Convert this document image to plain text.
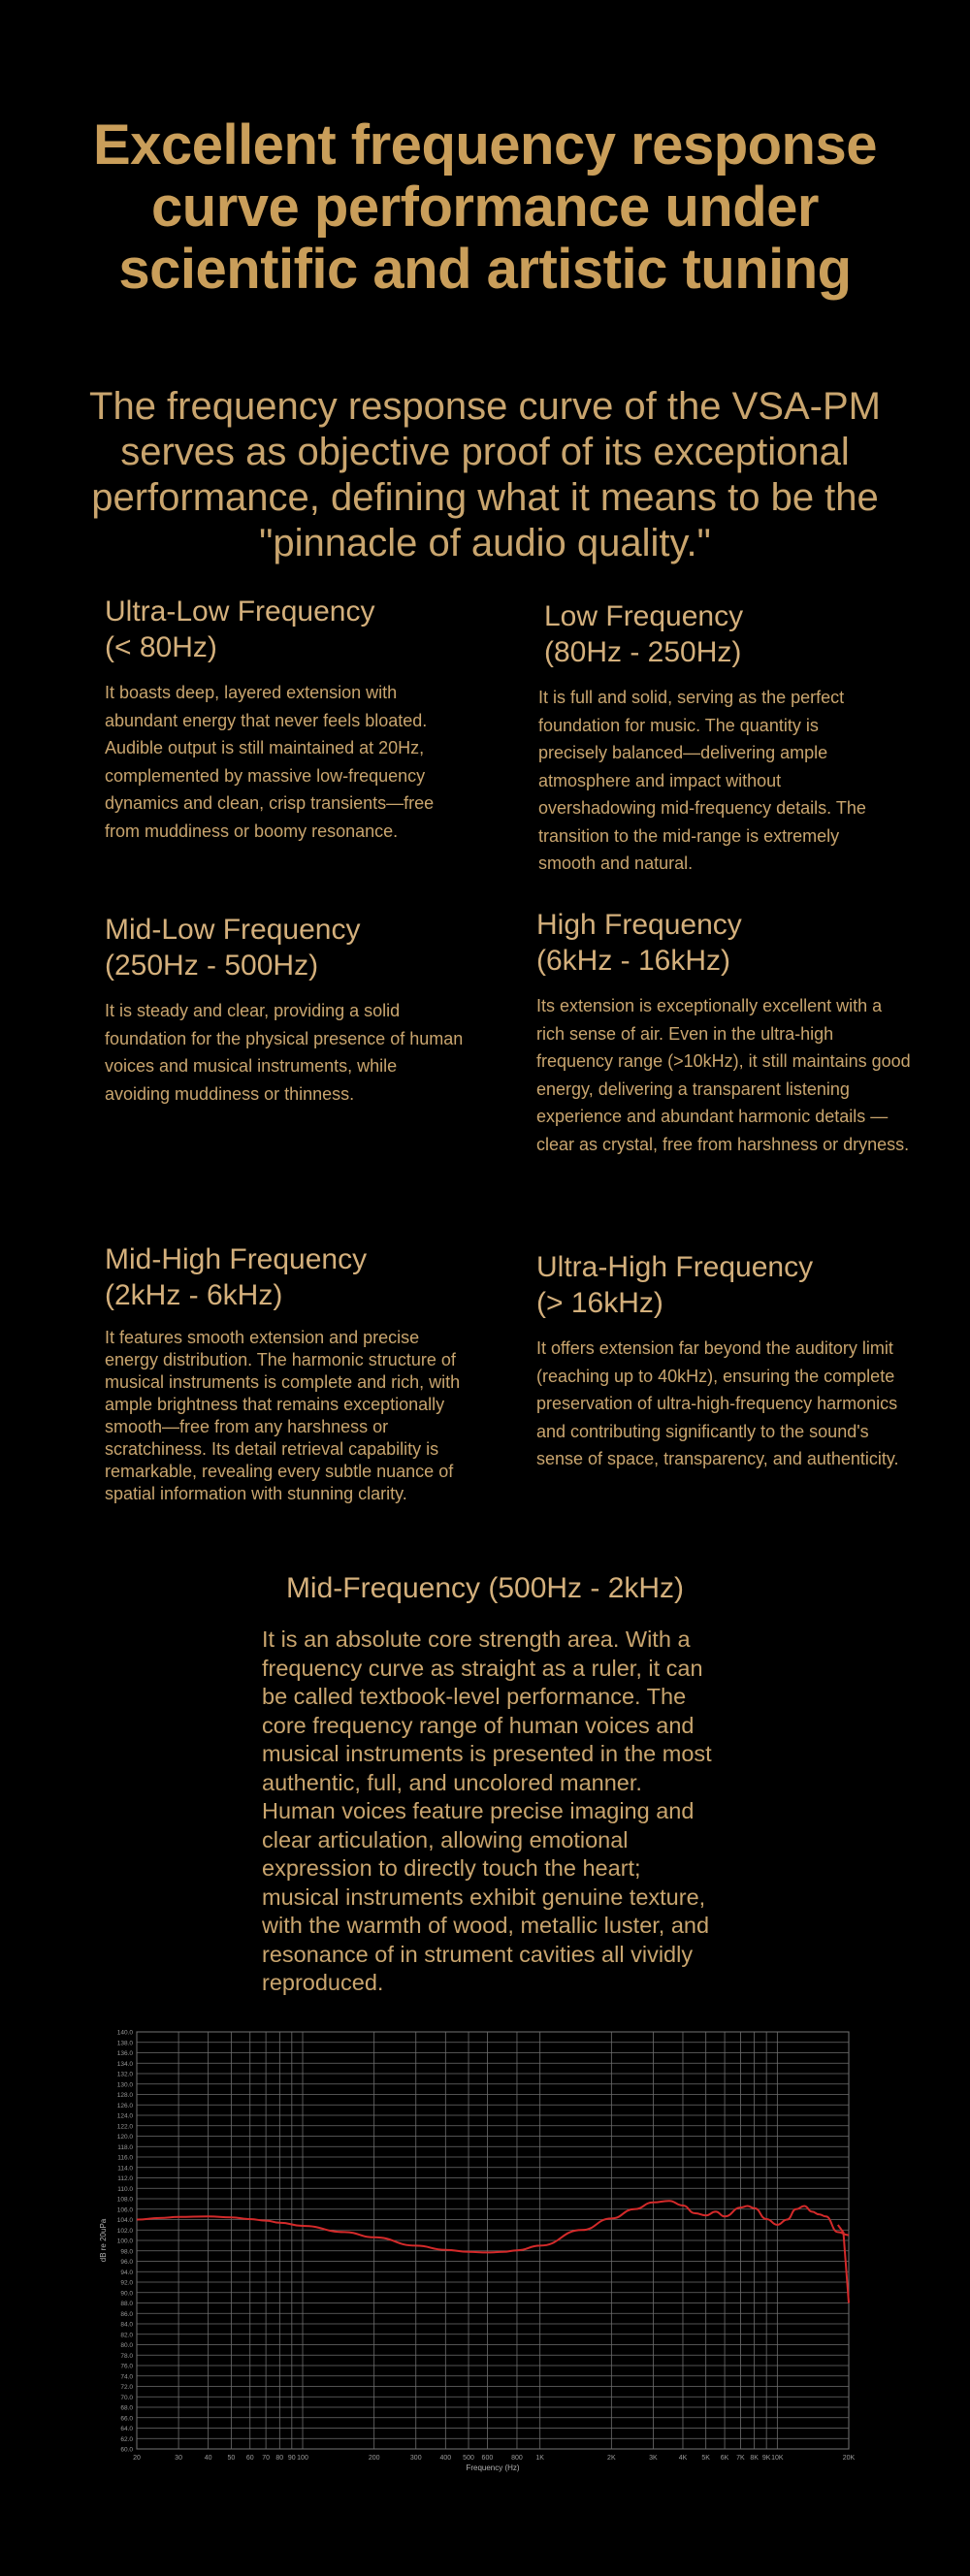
Excellent frequency response
curve performance under
scientific and artistic tuning
The frequency response curve of the VSA-PM
serves as objective proof of its exceptional
performance, defining what it means to be the
"pinnacle of audio quality."
Ultra-Low Frequency
(< 80Hz)

It boasts deep, layered extension with abundant energy that never feels bloated. Audible output is still maintained at 20Hz, complemented by massive low-frequency dynamics and clean, crisp transients—free from muddiness or boomy resonance.

Low Frequency
(80Hz - 250Hz)

It is full and solid, serving as the perfect foundation for music. The quantity is precisely balanced—delivering ample atmosphere and impact without overshadowing mid-frequency details. The transition to the mid-range is extremely smooth and natural.

Mid-Low Frequency
(250Hz - 500Hz)

It is steady and clear, providing a solid foundation for the physical presence of human voices and musical instruments, while avoiding muddiness or thinness.

High Frequency
(6kHz - 16kHz)

Its extension is exceptionally excellent with a rich sense of air. Even in the ultra-high frequency range (>10kHz), it still maintains good energy, delivering a transparent listening experience and abundant harmonic details —clear as crystal, free from harshness or dryness.

Mid-High Frequency
(2kHz - 6kHz)

It features smooth extension and precise energy distribution. The harmonic structure of musical instruments is complete and rich, with ample brightness that remains exceptionally smooth—free from any harshness or scratchiness. Its detail retrieval capability is remarkable, revealing every subtle nuance of spatial information with stunning clarity.

Ultra-High Frequency
(> 16kHz)

It offers extension far beyond the auditory limit (reaching up to 40kHz), ensuring the complete preservation of ultra-high-frequency harmonics and contributing significantly to the sound's sense of space, transparency, and authenticity.

Mid-Frequency (500Hz - 2kHz)

It is an absolute core strength area. With a frequency curve as straight as a ruler, it can be called textbook-level performance. The core frequency range of human voices and musical instruments is presented in the most authentic, full, and uncolored manner. Human voices feature precise imaging and clear articulation, allowing emotional expression to directly touch the heart; musical instruments exhibit genuine texture, with the warmth of wood, metallic luster, and resonance of in strument cavities all vividly reproduced.

20	30	40 50 60 70 80 90 100	200	300	400 500 600	800 1K	2K	3K	4K 5K 6K 7K 8K 9K 10K	20K
60.0
62.0
64.0
66.0
68.0
70.0
72.0
74.0
76.0
78.0
80.0
82.0
84.0
86.0
88.0
90.0
92.0
94.0
96.0
98.0
100.0
102.0
104.0
106.0
108.0
110.0
112.0
114.0
116.0
118.0
120.0
122.0
124.0
126.0
128.0
130.0
132.0
134.0
136.0
138.0
140.0
Frequency (Hz)
dB re 20uPa
